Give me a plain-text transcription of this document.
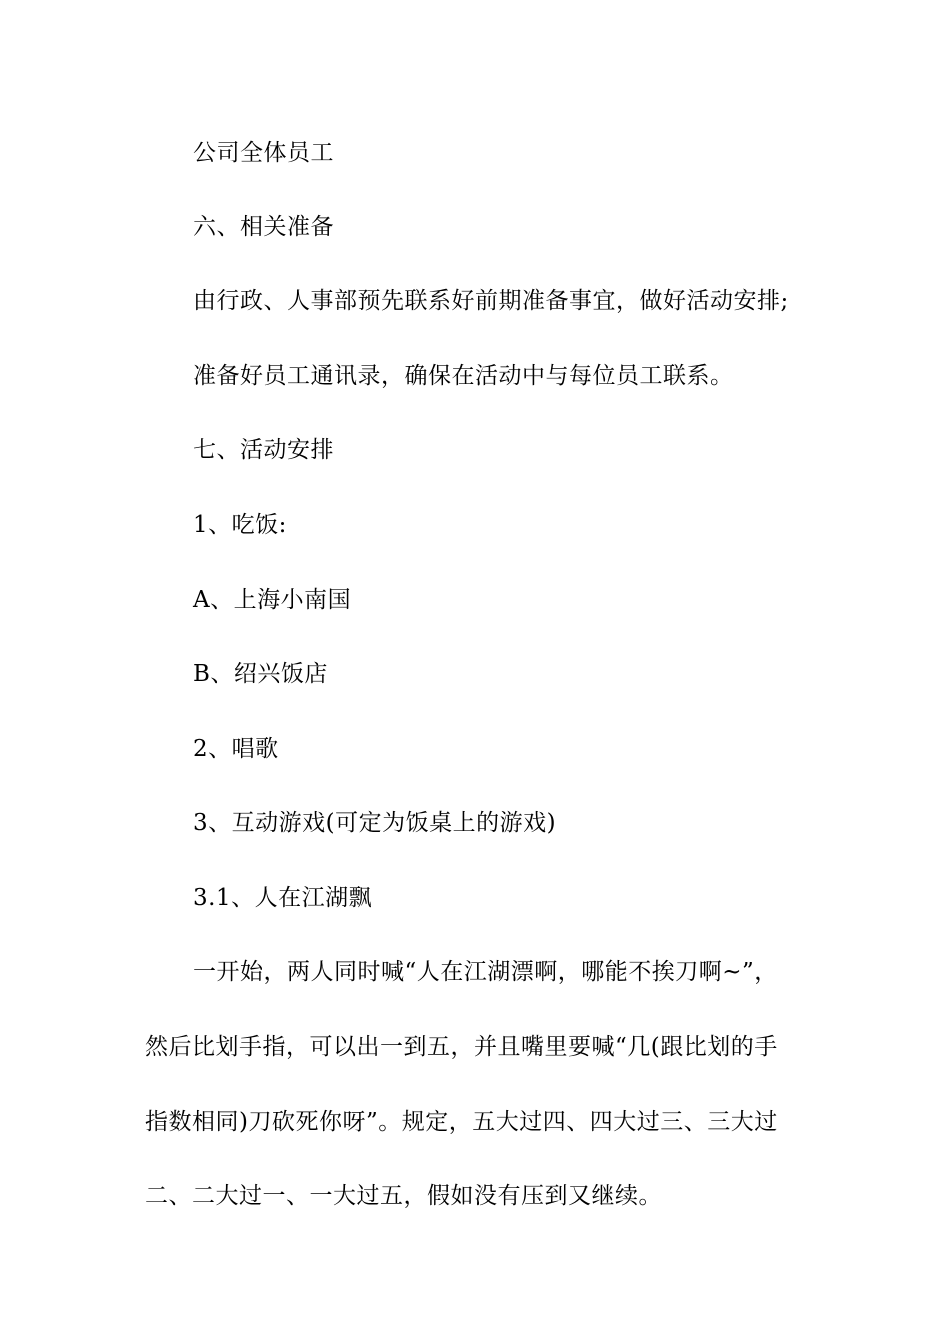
公司全体员工
六、相关准备
由行政、人事部预先联系好前期准备事宜，做好活动安排;
准备好员工通讯录，确保在活动中与每位员工联系。
七、活动安排
1、吃饭:
A、上海小南国
B、绍兴饭店
2、唱歌
3、互动游戏(可定为饭桌上的游戏)
3.1、人在江湖飘
一开始，两人同时喊“人在江湖漂啊，哪能不挨刀啊~”，
然后比划手指，可以出一到五，并且嘴里要喊“几(跟比划的手
指数相同)刀砍死你呀”。规定，五大过四、四大过三、三大过
二、二大过一、一大过五，假如没有压到又继续。
